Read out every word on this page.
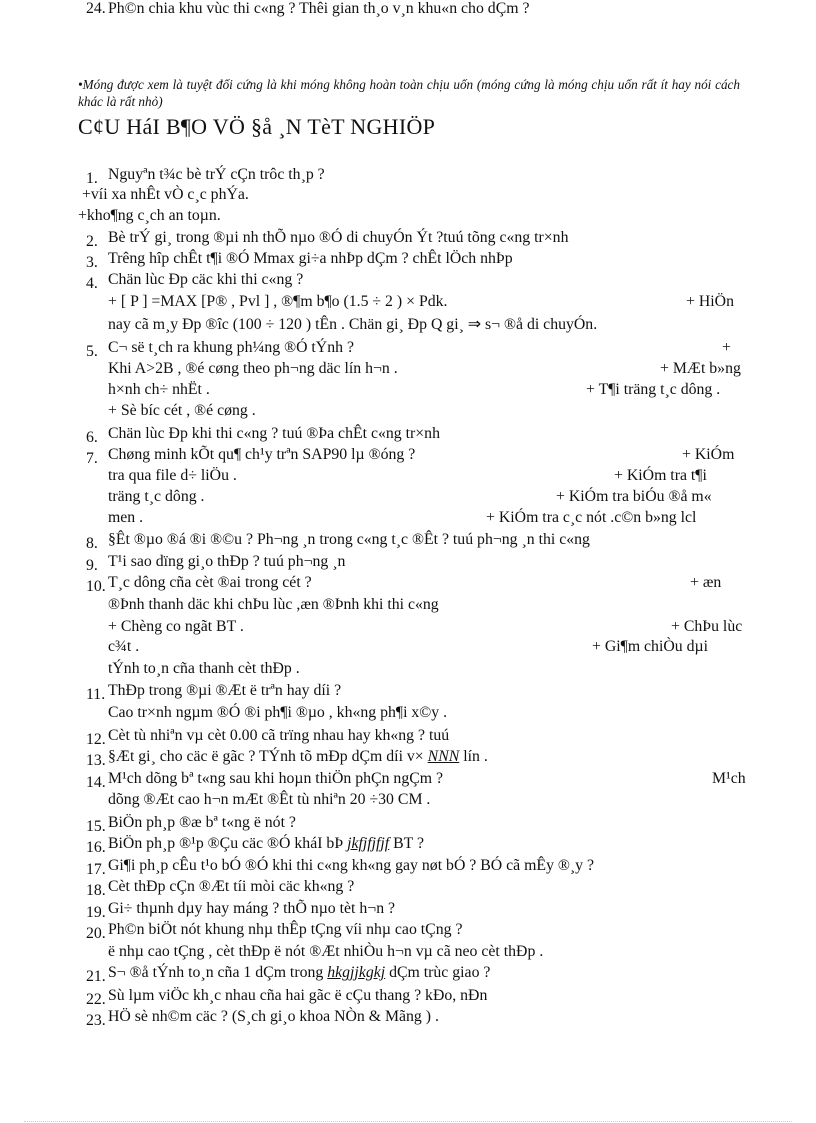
•Móng được xem là tuyệt đối cứng là khi móng không hoàn toàn chịu uốn (móng cứng là móng chịu uốn rất ít hay nói cách khác là rất nhỏ)
C¢U HáI B¶O VÖ §å ¸N TèT NGHIÖP
1. Nguyªn t¾c bè trÝ cÇn trôc th¸p ?
+víi xa nhÊt vÒ c¸c phÝa.
+kho¶ng c¸ch an toµn.
2. Bè trÝ gi¸ trong ®µi nh thÕ nµo ®Ó di chuyÓn Ýt ?tuú tõng c«ng tr×nh
3. Trêng hîp chÊt t¶i ®Ó Mmax gi÷a nhÞp dÇm ? chÊt lÖch nhÞp
4. Chän lùc Ðp cäc khi thi c«ng ?
+ [ P ] =MAX [P® , Pvl ] , ®¶m b¶o (1.5 ÷ 2 ) × Pdk.	+ HiÖn
nay cã m¸y Ðp ®îc (100 ÷ 120 ) tÊn . Chän gi¸ Ðp Q gi¸ ⇒ s¬ ®å di chuyÓn.
5. C¬ së t¸ch ra khung ph¼ng ®Ó tÝnh ?	+
Khi A>2B , ®é cøng theo ph¬ng däc lín h¬n .	+ MÆt b»ng
h×nh ch÷ nhËt .	+ T¶i träng t¸c dông .
+ Sè bíc cét , ®é cøng .
6. Chän lùc Ðp khi thi c«ng ? tuú ®Þa chÊt c«ng tr×nh
7. Chøng minh kÕt qu¶ ch¹y trªn SAP90 lµ ®óng ?	+ KiÓm
tra qua file d÷ liÖu .	+ KiÓm tra t¶i
träng t¸c dông .	+ KiÓm tra biÓu ®å m«
men .	+ KiÓm tra c¸c nót .c©n b»ng lcl
8. §Êt ®µo ®á ®i ®©u ? Ph¬ng ¸n trong c«ng t¸c ®Êt ? tuú ph¬ng ¸n thi c«ng
9. T¹i sao dïng gi¸o thÐp ? tuú ph¬ng ¸n
10. T¸c dông cña cèt ®ai trong cét ?	+ æn
®Þnh thanh däc khi chÞu lùc ,æn ®Þnh khi thi c«ng
+ Chèng co ngãt BT .	+ ChÞu lùc
c¾t .	+ Gi¶m chiÒu dµi
tÝnh to¸n cña thanh cèt thÐp .
11. ThÐp trong ®µi ®Æt ë trªn hay díi ?
Cao tr×nh ngµm ®Ó ®i ph¶i ®µo , kh«ng ph¶i x©y .
12. Cèt tù nhiªn vµ cèt 0.00 cã trïng nhau hay kh«ng ? tuú
13. §Æt gi¸ cho cäc ë gãc ? TÝnh tõ mÐp dÇm díi v× NNN lín .
14. M¹ch dõng bª t«ng sau khi hoµn thiÖn phÇn ngÇm ?	M¹ch
dõng ®Æt cao h¬n mÆt ®Êt tù nhiªn 20 ÷30 CM .
15. BiÖn ph¸p ®æ bª t«ng ë nót ?
16. BiÖn ph¸p ®¹p ®Çu cäc ®Ó kháI bÞ jkfjfjfjf BT ?
17. Gi¶i ph¸p cÊu t¹o bÓ ®Ó khi thi c«ng kh«ng gay nøt bÓ ? BÓ cã mÊy ®¸y ?
18. Cèt thÐp cÇn ®Æt tíi mòi cäc kh«ng ?
19. Gi÷ thµnh dµy hay máng ? thÕ nµo tèt h¬n ?
20. Ph©n biÖt nót khung nhµ thÊp tÇng víi nhµ cao tÇng ?
ë nhµ cao tÇng , cèt thÐp ë nót ®Æt nhiÒu h¬n vµ cã neo cèt thÐp .
21. S¬ ®å tÝnh to¸n cña 1 dÇm trong hkgjjkgkj dÇm trùc giao ?
22. Sù lµm viÖc kh¸c nhau cña hai gãc ë cÇu thang ? kÐo, nÐn
23. HÖ sè nh©m cäc ? (S¸ch gi¸o khoa NÒn & Mãng ) .
24. Ph©n chia khu vùc thi c«ng ? Thêi gian th¸o v¸n khu«n cho dÇm ?
